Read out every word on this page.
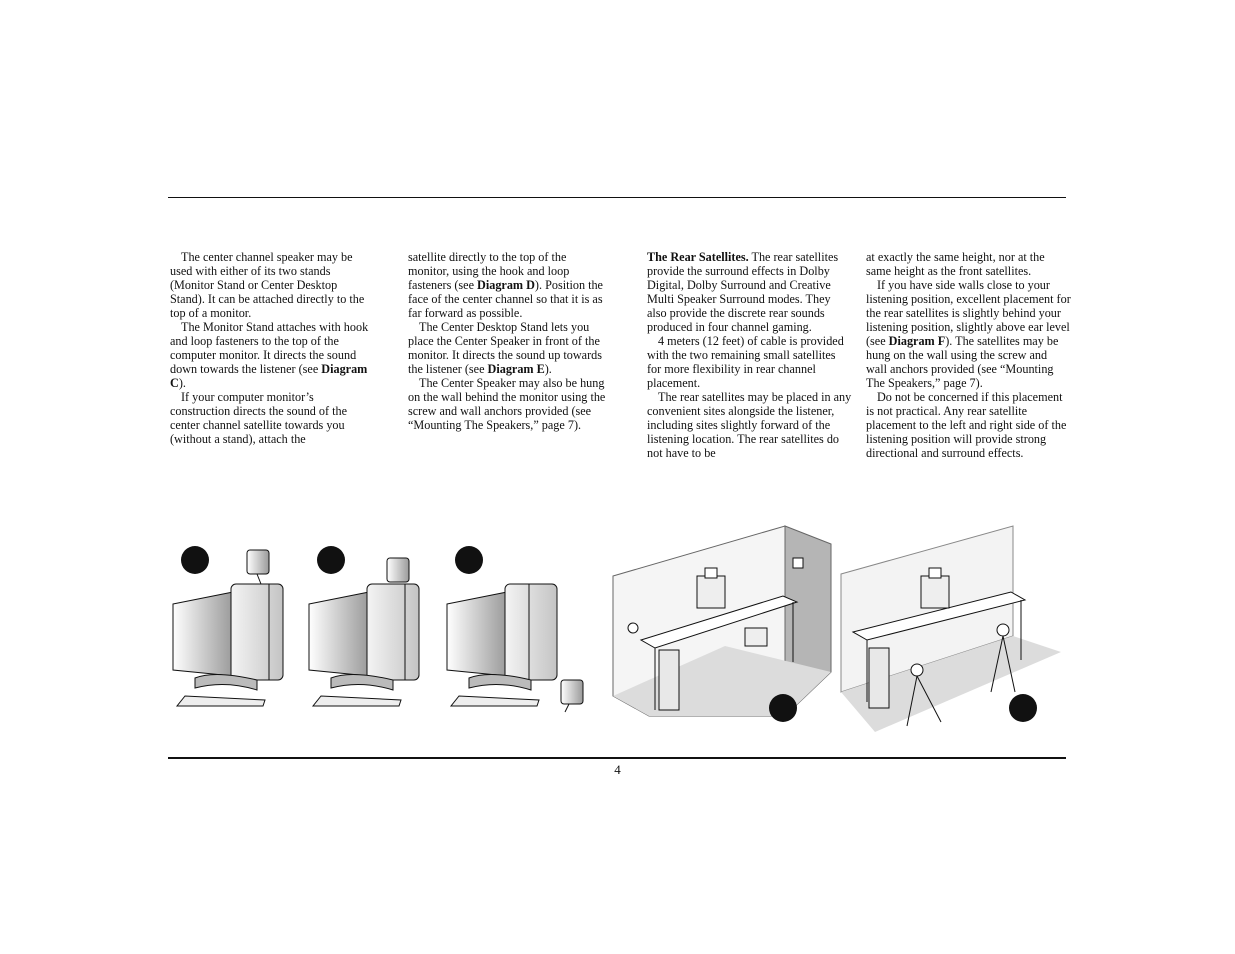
The center channel speaker may be used with either of its two stands (Monitor Stand or Center Desktop Stand). It can be attached directly to the top of a monitor.

The Monitor Stand attaches with hook and loop fasteners to the top of the computer monitor. It directs the sound down towards the listener (see Diagram C).

If your computer monitor’s construction directs the sound of the center channel satellite towards you (without a stand), attach the

satellite directly to the top of the monitor, using the hook and loop fasteners (see Diagram D). Position the face of the center channel so that it is as far forward as possible.

The Center Desktop Stand lets you place the Center Speaker in front of the monitor. It directs the sound up towards the listener (see Diagram E).

The Center Speaker may also be hung on the wall behind the monitor using the screw and wall anchors provided (see “Mounting The Speakers,” page 7).

The Rear Satellites. The rear satellites provide the surround effects in Dolby Digital, Dolby Surround and Creative Multi Speaker Surround modes. They also provide the discrete rear sounds produced in four channel gaming.

4 meters (12 feet) of cable is provided with the two remaining small satellites for more flexibility in rear channel placement.

The rear satellites may be placed in any convenient sites alongside the listener, including sites slightly forward of the listening location. The rear satellites do not have to be

at exactly the same height, nor at the same height as the front satellites.

If you have side walls close to your listening position, excellent placement for the rear satellites is slightly behind your listening position, slightly above ear level (see Diagram F). The satellites may be hung on the wall using the screw and wall anchors provided (see “Mounting The Speakers,” page 7).

Do not be concerned if this placement is not practical. Any rear satellite placement to the left and right side of the listening position will provide strong directional and surround effects.

4
